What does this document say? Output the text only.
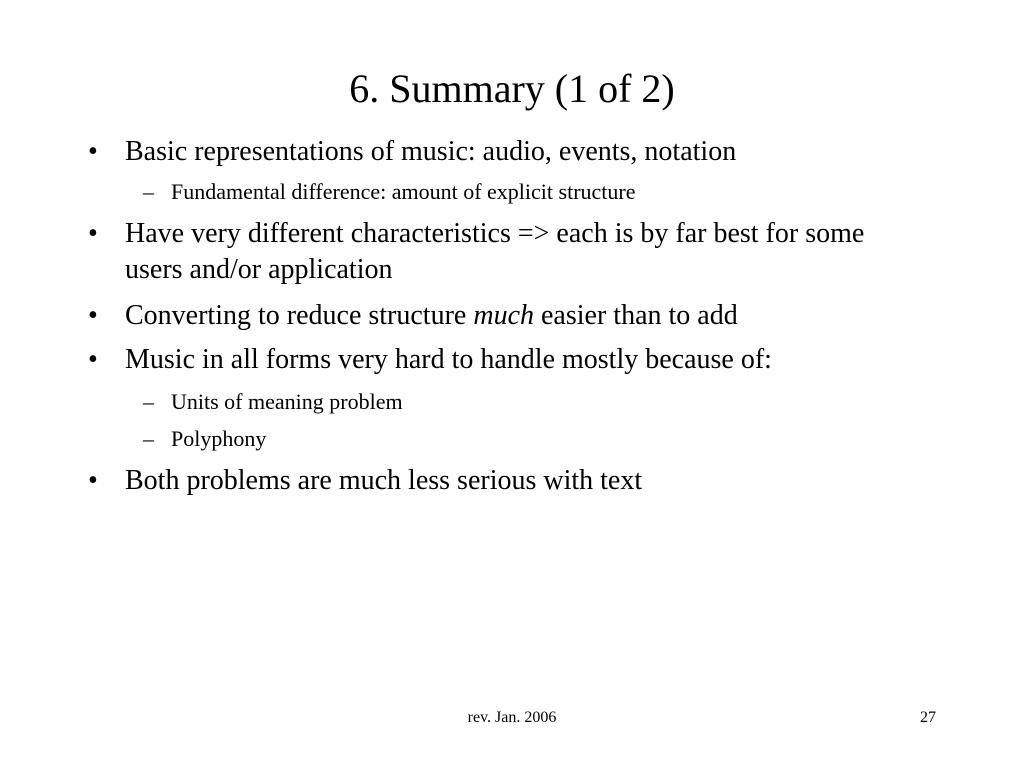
6. Summary (1 of 2)
• Basic representations of music: audio, events, notation
– Fundamental difference: amount of explicit structure
• Have very different characteristics => each is by far best for some users and/or application
• Converting to reduce structure much easier than to add
• Music in all forms very hard to handle mostly because of:
– Units of meaning problem
– Polyphony
• Both problems are much less serious with text
rev. Jan. 2006	27
